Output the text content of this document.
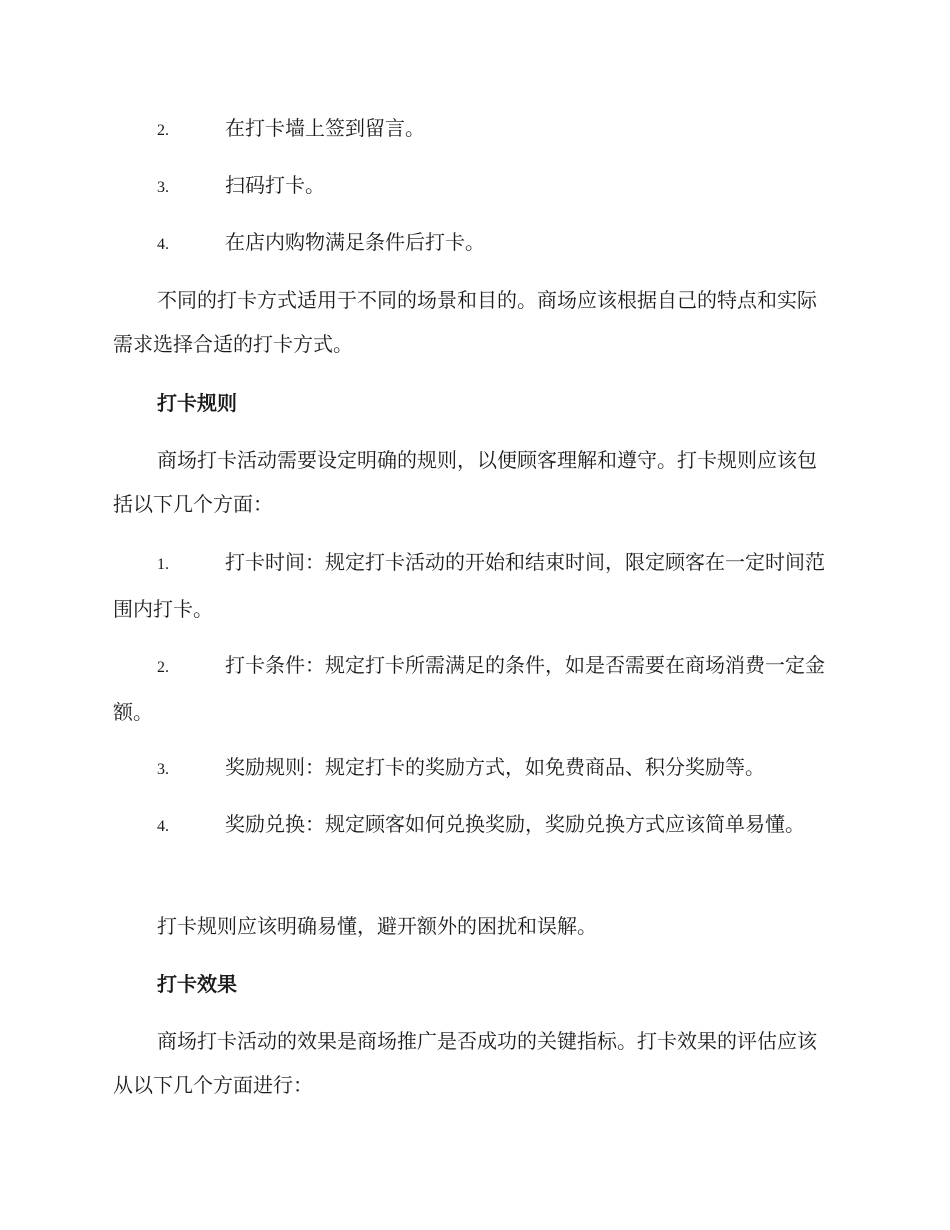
2.	在打卡墙上签到留言。
3.	扫码打卡。
4.	在店内购物满足条件后打卡。

不同的打卡方式适用于不同的场景和目的。商场应该根据自己的特点和实际需求选择合适的打卡方式。

打卡规则

商场打卡活动需要设定明确的规则，以便顾客理解和遵守。打卡规则应该包括以下几个方面：

1.	打卡时间：规定打卡活动的开始和结束时间，限定顾客在一定时间范围内打卡。
2.	打卡条件：规定打卡所需满足的条件，如是否需要在商场消费一定金额。
3.	奖励规则：规定打卡的奖励方式，如免费商品、积分奖励等。
4.	奖励兑换：规定顾客如何兑换奖励，奖励兑换方式应该简单易懂。

打卡规则应该明确易懂，避开额外的困扰和误解。

打卡效果

商场打卡活动的效果是商场推广是否成功的关键指标。打卡效果的评估应该从以下几个方面进行：
